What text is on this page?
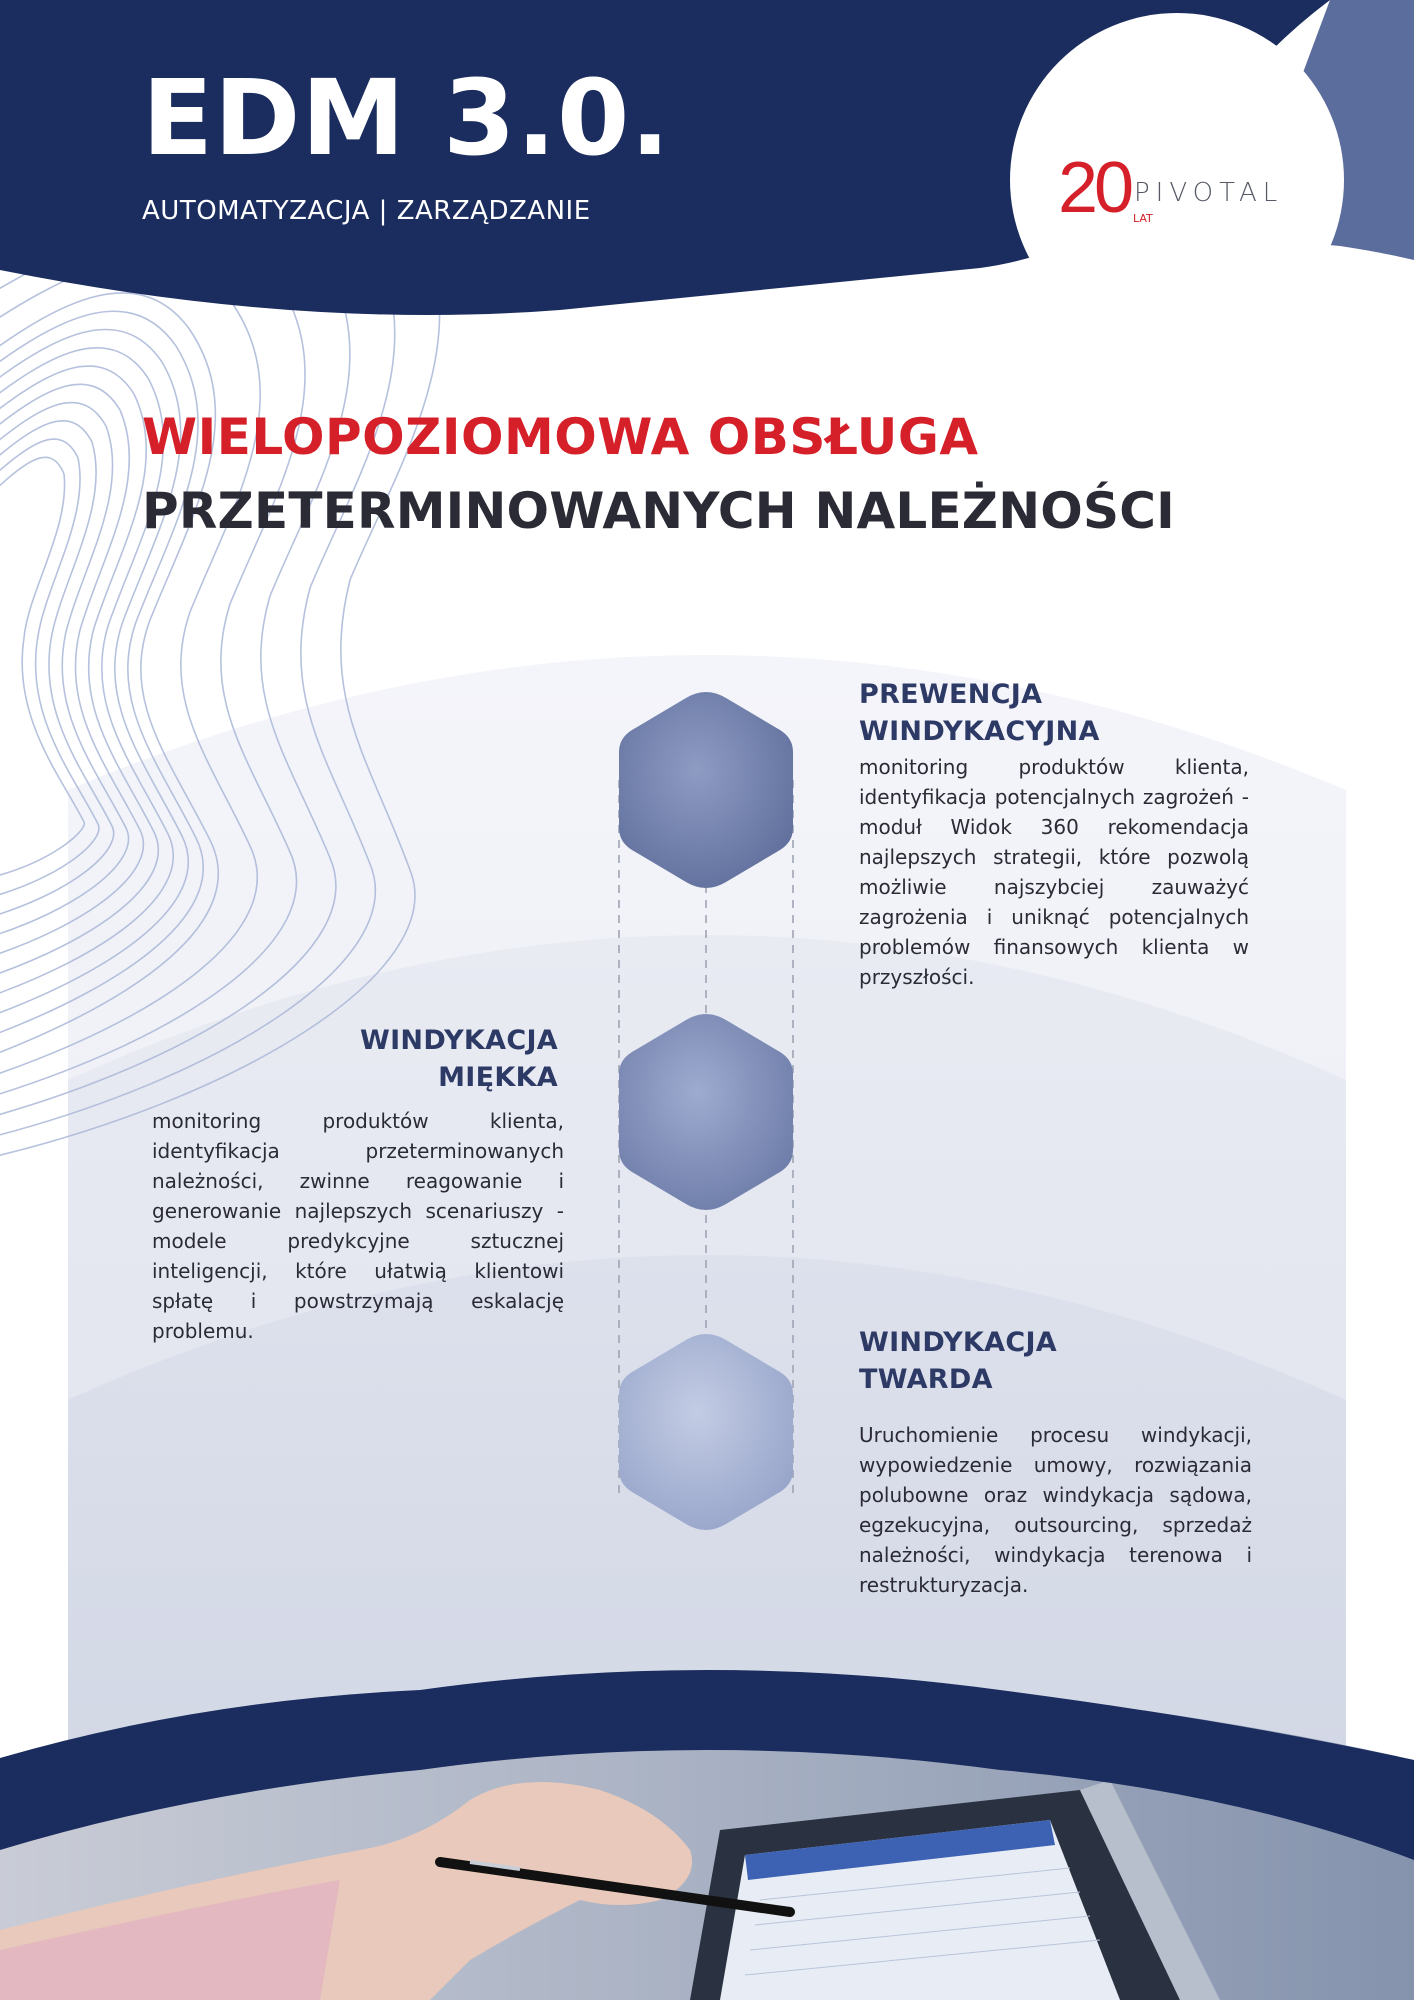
EDM 3.0.
AUTOMATYZACJA | ZARZĄDZANIE	20 LAT
PIVOTAL
WIELOPOZIOMOWA OBSŁUGA
PRZETERMINOWANYCH NALEŻNOŚCI
PREWENCJA
WINDYKACYJNA

monitoring produktów klienta, identyfikacja potencjalnych zagrożeń - moduł Widok 360 rekomendacja najlepszych strategii, które pozwolą możliwie najszybciej zauważyć zagrożenia i uniknąć potencjalnych problemów finansowych klienta w przyszłości.

WINDYKACJA
MIĘKKA

monitoring produktów klienta, identyfikacja przeterminowanych należności, zwinne reagowanie i generowanie najlepszych scenariuszy - modele predykcyjne sztucznej inteligencji, które ułatwią klientowi spłatę i powstrzymają eskalację problemu.	WINDYKACJA
TWARDA

Uruchomienie procesu windykacji, wypowiedzenie umowy, rozwiązania polubowne oraz windykacja sądowa, egzekucyjna, outsourcing, sprzedaż należności, windykacja terenowa i restrukturyzacja.
